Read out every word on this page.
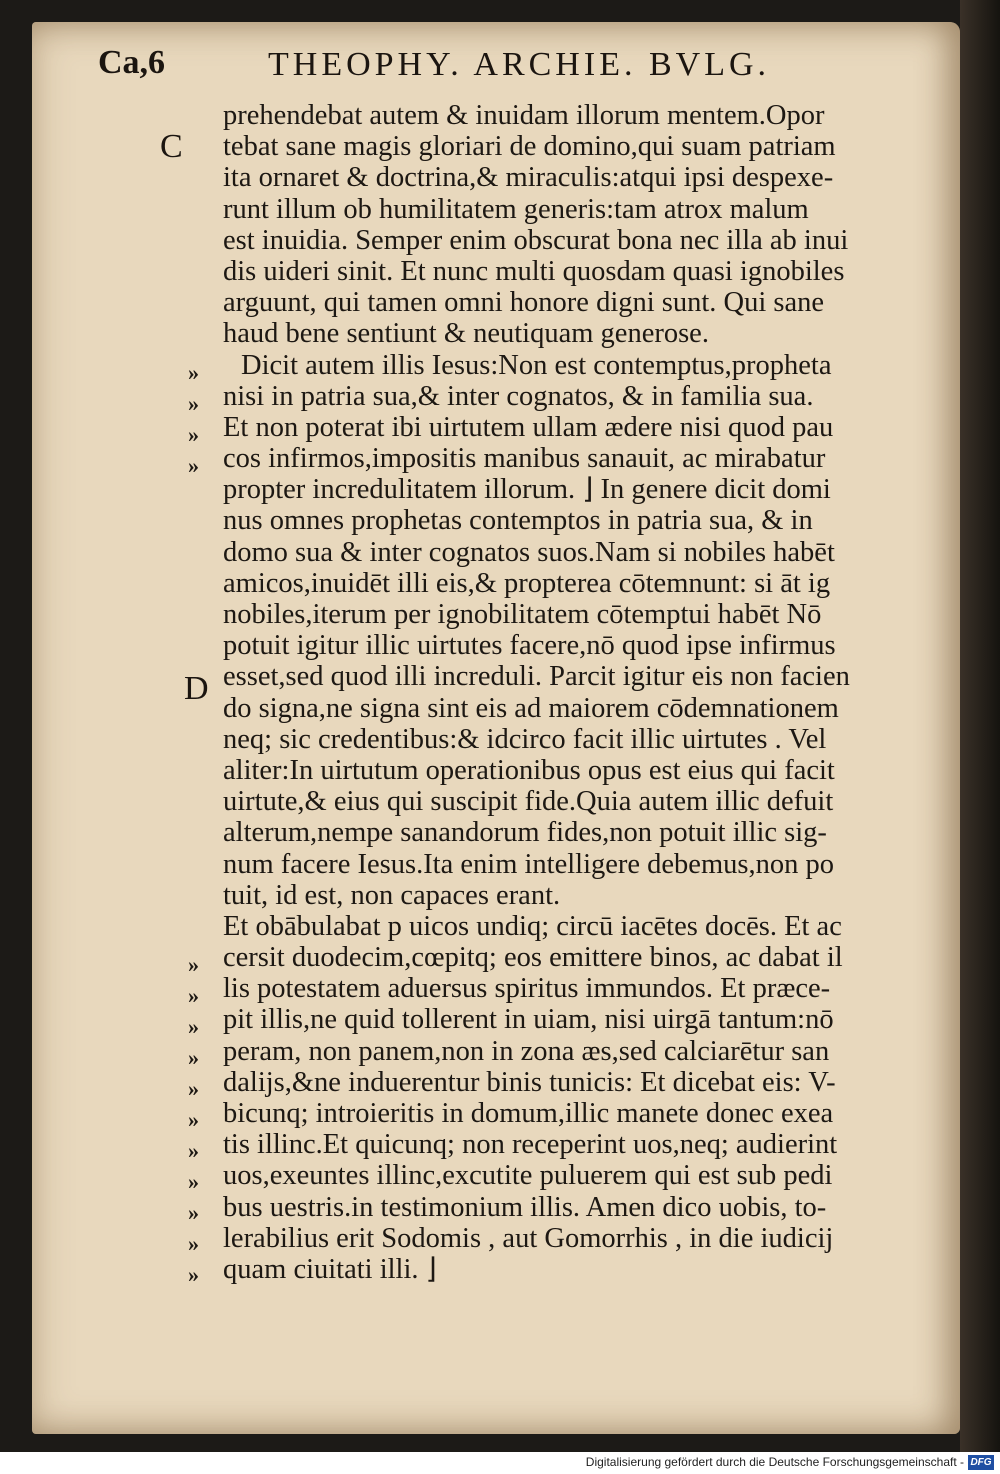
Ca,6	THEOPHY. ARCHIE. BVLG.
C
D
prehendebat autem & inuidam illorum mentem.Opor
tebat sane magis gloriari de domino,qui suam patriam
ita ornaret & doctrina,& miraculis:atqui ipsi despexe-
runt illum ob humilitatem generis:tam atrox malum
est inuidia. Semper enim obscurat bona nec illa ab inui
dis uideri sinit. Et nunc multi quosdam quasi ignobiles
arguunt, qui tamen omni honore digni sunt. Qui sane
haud bene sentiunt & neutiquam generose.
Dicit autem illis Iesus:Non est contemptus,propheta
nisi in patria sua,& inter cognatos, & in familia sua.
Et non poterat ibi uirtutem ullam ædere nisi quod pau
cos infirmos,impositis manibus sanauit, ac mirabatur
propter incredulitatem illorum. ⌋ In genere dicit domi
nus omnes prophetas contemptos in patria sua, & in
domo sua & inter cognatos suos.Nam si nobiles habēt
amicos,inuidēt illi eis,& propterea cōtemnunt: si āt ig
nobiles,iterum per ignobilitatem cōtemptui habēt Nō
potuit igitur illic uirtutes facere,nō quod ipse infirmus
esset,sed quod illi increduli. Parcit igitur eis non facien
do signa,ne signa sint eis ad maiorem cōdemnationem
neq; sic credentibus:& idcirco facit illic uirtutes . Vel
aliter:In uirtutum operationibus opus est eius qui facit
uirtute,& eius qui suscipit fide.Quia autem illic defuit
alterum,nempe sanandorum fides,non potuit illic sig-
num facere Iesus.Ita enim intelligere debemus,non po
tuit, id est, non capaces erant.
Et obābulabat p uicos undiq; circū iacētes docēs. Et ac
cersit duodecim,cœpitq; eos emittere binos, ac dabat il
lis potestatem aduersus spiritus immundos. Et præce-
pit illis,ne quid tollerent in uiam, nisi uirgā tantum:nō
peram, non panem,non in zona æs,sed calciarētur san
dalijs,&ne induerentur binis tunicis: Et dicebat eis: V-
bicunq; introieritis in domum,illic manete donec exea
tis illinc.Et quicunq; non receperint uos,neq; audierint
uos,exeuntes illinc,excutite puluerem qui est sub pedi
bus uestris.in testimonium illis. Amen dico uobis, to-
lerabilius erit Sodomis , aut Gomorrhis , in die iudicij
quam ciuitati illi. ⌋
»
»
»
»
»
»
»
»
»
»
»
»
»
»
»
Digitalisierung gefördert durch die Deutsche Forschungsgemeinschaft - DFG
